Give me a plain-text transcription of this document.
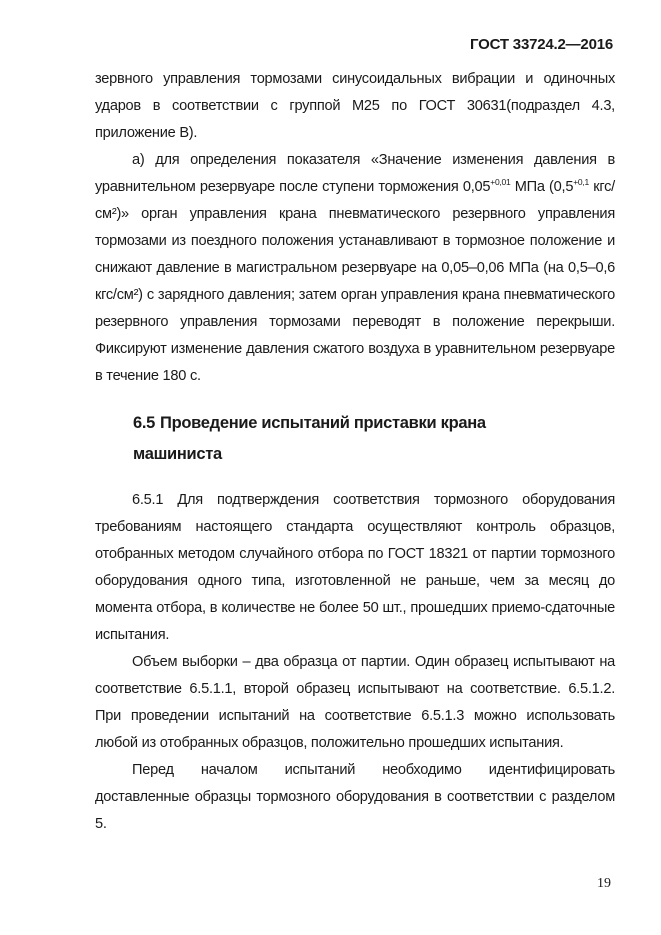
ГОСТ 33724.2—2016

зервного управления тормозами синусоидальных вибрации и одиночных ударов в соответствии с группой М25 по ГОСТ 30631(подраздел 4.3, приложение В).

а) для определения показателя «Значение изменения давления в уравнительном резервуаре после ступени торможения $0,05^{+0,01}$ МПа ($0,5^{+0,1}$ кгс/см²)» орган управления крана пневматического резервного управления тормозами из поездного положения устанавливают в тормозное положение и снижают давление в магистральном резервуаре на 0,05–0,06 МПа (на 0,5–0,6 кгс/см²) с зарядного давления; затем орган управления крана пневматического резервного управления тормозами переводят в положение перекрыши. Фиксируют изменение давления сжатого воздуха в уравнительном резервуаре в течение 180 с.

6.5 Проведение испытаний приставки крана машиниста

6.5.1 Для подтверждения соответствия тормозного оборудования требованиям настоящего стандарта осуществляют контроль образцов, отобранных методом случайного отбора по ГОСТ 18321 от партии тормозного оборудования одного типа, изготовленной не раньше, чем за месяц до момента отбора, в количестве не более 50 шт., прошедших приемо-сдаточные испытания.

Объем выборки – два образца от партии. Один образец испытывают на соответствие 6.5.1.1, второй образец испытывают на соответствие. 6.5.1.2. При проведении испытаний на соответствие 6.5.1.3 можно использовать любой из отобранных образцов, положительно прошедших испытания.

Перед началом испытаний необходимо идентифицировать доставленные образцы тормозного оборудования в соответствии с разделом 5.

19
